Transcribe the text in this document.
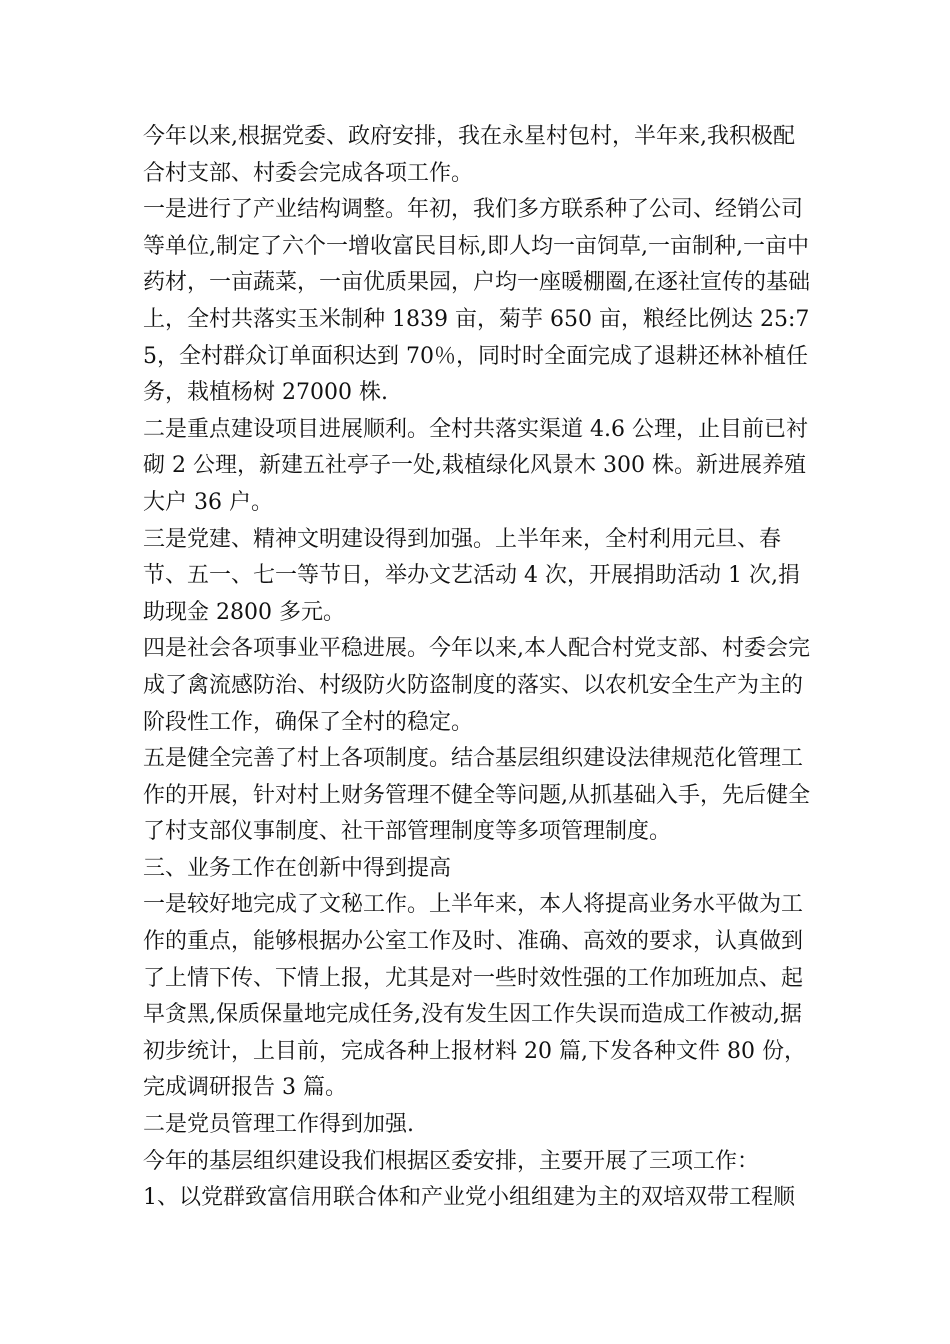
今年以来,根据党委、政府安排，我在永星村包村，半年来,我积极配合村支部、村委会完成各项工作。

一是进行了产业结构调整。年初，我们多方联系种了公司、经销公司等单位,制定了六个一增收富民目标,即人均一亩饲草,一亩制种,一亩中药材，一亩蔬菜，一亩优质果园，户均一座暖棚圈,在逐社宣传的基础上，全村共落实玉米制种 1839 亩，菊芋 650 亩，粮经比例达 25:75，全村群众订单面积达到 70％，同时时全面完成了退耕还林补植任务，栽植杨树 27000 株.

二是重点建设项目进展顺利。全村共落实渠道 4.6 公理，止目前已衬砌 2 公理，新建五社亭子一处,栽植绿化风景木 300 株。新进展养殖大户 36 户。

三是党建、精神文明建设得到加强。上半年来，全村利用元旦、春节、五一、七一等节日，举办文艺活动 4 次，开展捐助活动 1 次,捐助现金 2800 多元。

四是社会各项事业平稳进展。今年以来,本人配合村党支部、村委会完成了禽流感防治、村级防火防盗制度的落实、以农机安全生产为主的阶段性工作，确保了全村的稳定。

五是健全完善了村上各项制度。结合基层组织建设法律规范化管理工作的开展，针对村上财务管理不健全等问题,从抓基础入手，先后健全了村支部仪事制度、社干部管理制度等多项管理制度。

三、业务工作在创新中得到提高

一是较好地完成了文秘工作。上半年来，本人将提高业务水平做为工作的重点，能够根据办公室工作及时、准确、高效的要求，认真做到了上情下传、下情上报，尤其是对一些时效性强的工作加班加点、起早贪黑,保质保量地完成任务,没有发生因工作失误而造成工作被动,据初步统计，上目前，完成各种上报材料 20 篇,下发各种文件 80 份，完成调研报告 3 篇。

二是党员管理工作得到加强.

今年的基层组织建设我们根据区委安排，主要开展了三项工作：

1、以党群致富信用联合体和产业党小组组建为主的双培双带工程顺
